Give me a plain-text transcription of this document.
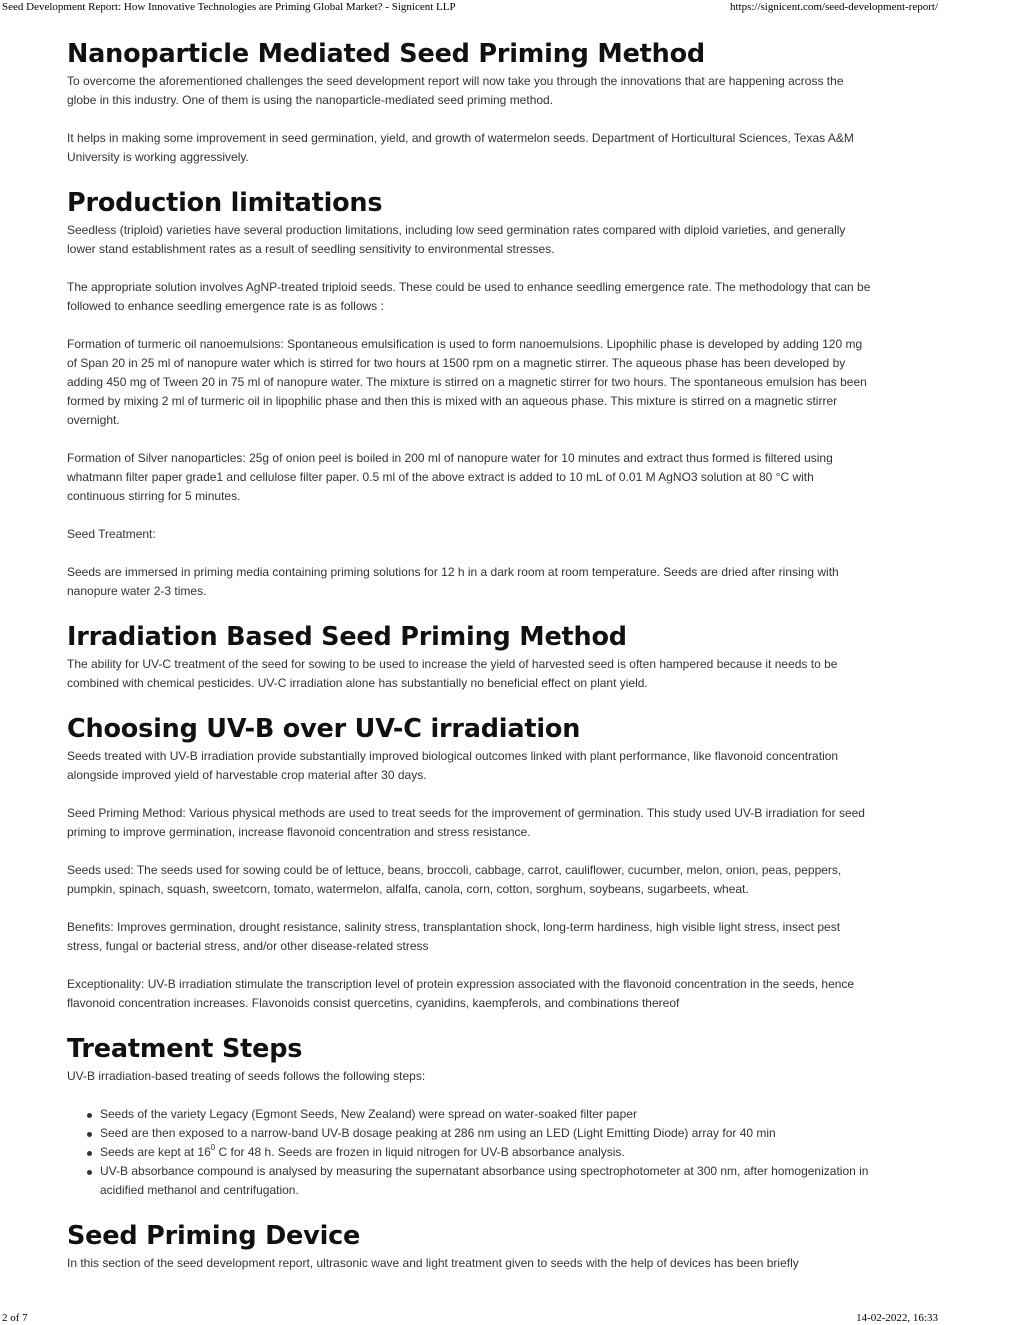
Seed Development Report: How Innovative Technologies are Priming Global Market? - Signicent LLP	https://signicent.com/seed-development-report/
Nanoparticle Mediated Seed Priming Method

To overcome the aforementioned challenges the seed development report will now take you through the innovations that are happening across the globe in this industry. One of them is using the nanoparticle-mediated seed priming method.

It helps in making some improvement in seed germination, yield, and growth of watermelon seeds. Department of Horticultural Sciences, Texas A&M University is working aggressively.

Production limitations

Seedless (triploid) varieties have several production limitations, including low seed germination rates compared with diploid varieties, and generally lower stand establishment rates as a result of seedling sensitivity to environmental stresses.

The appropriate solution involves AgNP-treated triploid seeds. These could be used to enhance seedling emergence rate. The methodology that can be followed to enhance seedling emergence rate is as follows :

Formation of turmeric oil nanoemulsions: Spontaneous emulsification is used to form nanoemulsions. Lipophilic phase is developed by adding 120 mg of Span 20 in 25 ml of nanopure water which is stirred for two hours at 1500 rpm on a magnetic stirrer. The aqueous phase has been developed by adding 450 mg of Tween 20 in 75 ml of nanopure water. The mixture is stirred on a magnetic stirrer for two hours. The spontaneous emulsion has been formed by mixing 2 ml of turmeric oil in lipophilic phase and then this is mixed with an aqueous phase. This mixture is stirred on a magnetic stirrer overnight.

Formation of Silver nanoparticles: 25g of onion peel is boiled in 200 ml of nanopure water for 10 minutes and extract thus formed is filtered using whatmann filter paper grade1 and cellulose filter paper. 0.5 ml of the above extract is added to 10 mL of 0.01 M AgNO3 solution at 80 °C with continuous stirring for 5 minutes.

Seed Treatment:

Seeds are immersed in priming media containing priming solutions for 12 h in a dark room at room temperature. Seeds are dried after rinsing with nanopure water 2-3 times.

Irradiation Based Seed Priming Method

The ability for UV-C treatment of the seed for sowing to be used to increase the yield of harvested seed is often hampered because it needs to be combined with chemical pesticides. UV-C irradiation alone has substantially no beneficial effect on plant yield.

Choosing UV-B over UV-C irradiation

Seeds treated with UV-B irradiation provide substantially improved biological outcomes linked with plant performance, like flavonoid concentration alongside improved yield of harvestable crop material after 30 days.

Seed Priming Method: Various physical methods are used to treat seeds for the improvement of germination. This study used UV-B irradiation for seed priming to improve germination, increase flavonoid concentration and stress resistance.

Seeds used: The seeds used for sowing could be of lettuce, beans, broccoli, cabbage, carrot, cauliflower, cucumber, melon, onion, peas, peppers, pumpkin, spinach, squash, sweetcorn, tomato, watermelon, alfalfa, canola, corn, cotton, sorghum, soybeans, sugarbeets, wheat.

Benefits: Improves germination, drought resistance, salinity stress, transplantation shock, long-term hardiness, high visible light stress, insect pest stress, fungal or bacterial stress, and/or other disease-related stress

Exceptionality: UV-B irradiation stimulate the transcription level of protein expression associated with the flavonoid concentration in the seeds, hence flavonoid concentration increases. Flavonoids consist quercetins, cyanidins, kaempferols, and combinations thereof

Treatment Steps

UV-B irradiation-based treating of seeds follows the following steps:

Seeds of the variety Legacy (Egmont Seeds, New Zealand) were spread on water-soaked filter paper
Seed are then exposed to a narrow-band UV-B dosage peaking at 286 nm using an LED (Light Emitting Diode) array for 40 min
Seeds are kept at $16^0$ C for 48 h. Seeds are frozen in liquid nitrogen for UV-B absorbance analysis.
UV-B absorbance compound is analysed by measuring the supernatant absorbance using spectrophotometer at 300 nm, after homogenization in acidified methanol and centrifugation.
Seed Priming Device

In this section of the seed development report, ultrasonic wave and light treatment given to seeds with the help of devices has been briefly

2 of 7	14-02-2022, 16:33
